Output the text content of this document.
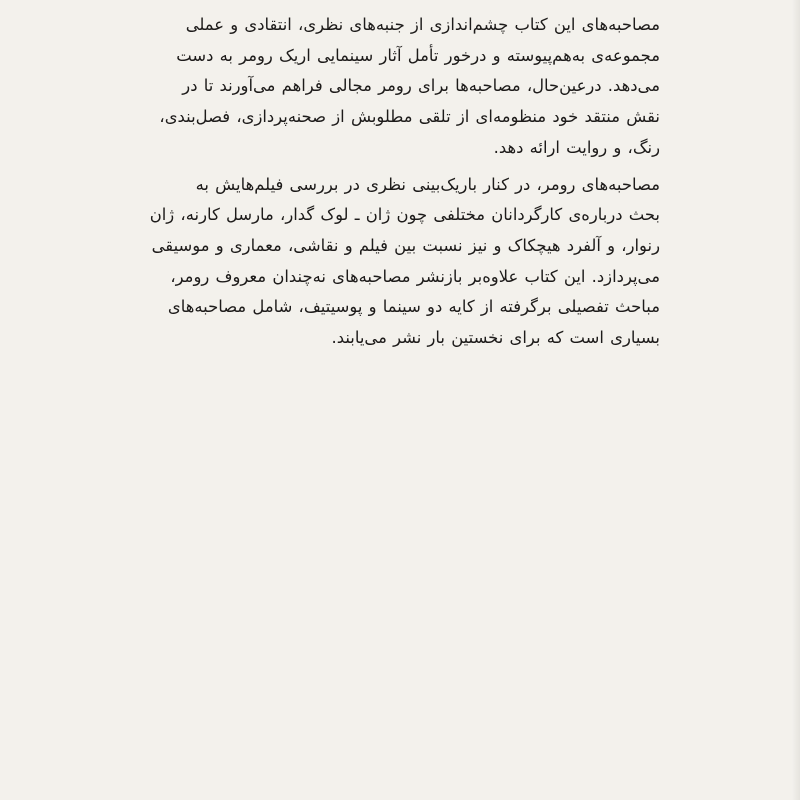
مصاحبه‌های این کتاب چشم‌اندازی از جنبه‌های نظری، انتقادی و عملی
مجموعه‌ی به‌هم‌پیوسته و درخور تأمل آثار سینمایی اریک رومر به دست
می‌دهد. درعین‌حال، مصاحبه‌ها برای رومر مجالی فراهم می‌آورند تا در
نقش منتقد خود منظومه‌ای از تلقی مطلوبش از صحنه‌پردازی، فصل‌بندی،
رنگ، و روایت ارائه دهد.

مصاحبه‌های رومر، در کنار باریک‌بینی نظری در بررسی فیلم‌هایش به
بحث درباره‌ی کارگردانان مختلفی چون ژان ـ لوک گدار، مارسل کارنه، ژان
رنوار، و آلفرد هیچکاک و نیز نسبت بین فیلم و نقاشی، معماری و موسیقی
می‌پردازد. این کتاب علاوه‌بر بازنشر مصاحبه‌های نه‌چندان معروف رومر،
مباحث تفصیلی برگرفته از کایه دو سینما و پوسیتیف، شامل مصاحبه‌های
بسیاری است که برای نخستین بار نشر می‌یابند.
